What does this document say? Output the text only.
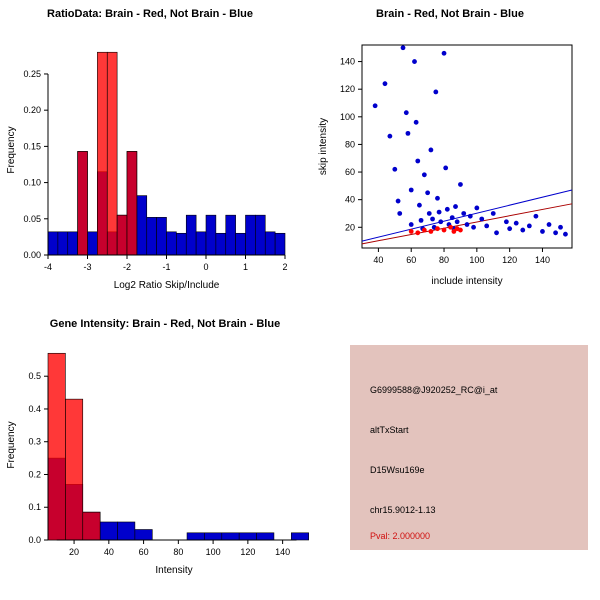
RatioData: Brain - Red, Not Brain - Blue
-4	-3	-2	-1	0	1	2
0.00
0.05
0.10
0.15
0.20
0.25
Log2 Ratio Skip/Include
Frequency
Brain - Red, Not Brain - Blue
40	60	80 100 120 140
20
40
60
80
100
120
140
include intensity
skip intensity
Gene Intensity: Brain - Red, Not Brain - Blue
20	40	60	80 100 120 140
0.0
0.1
0.2
0.3
0.4
0.5
Intensity
Frequency
G6999588@J920252_RC@i_at
altTxStart
D15Wsu169e
chr15.9012-1.13
Pval: 2.000000
